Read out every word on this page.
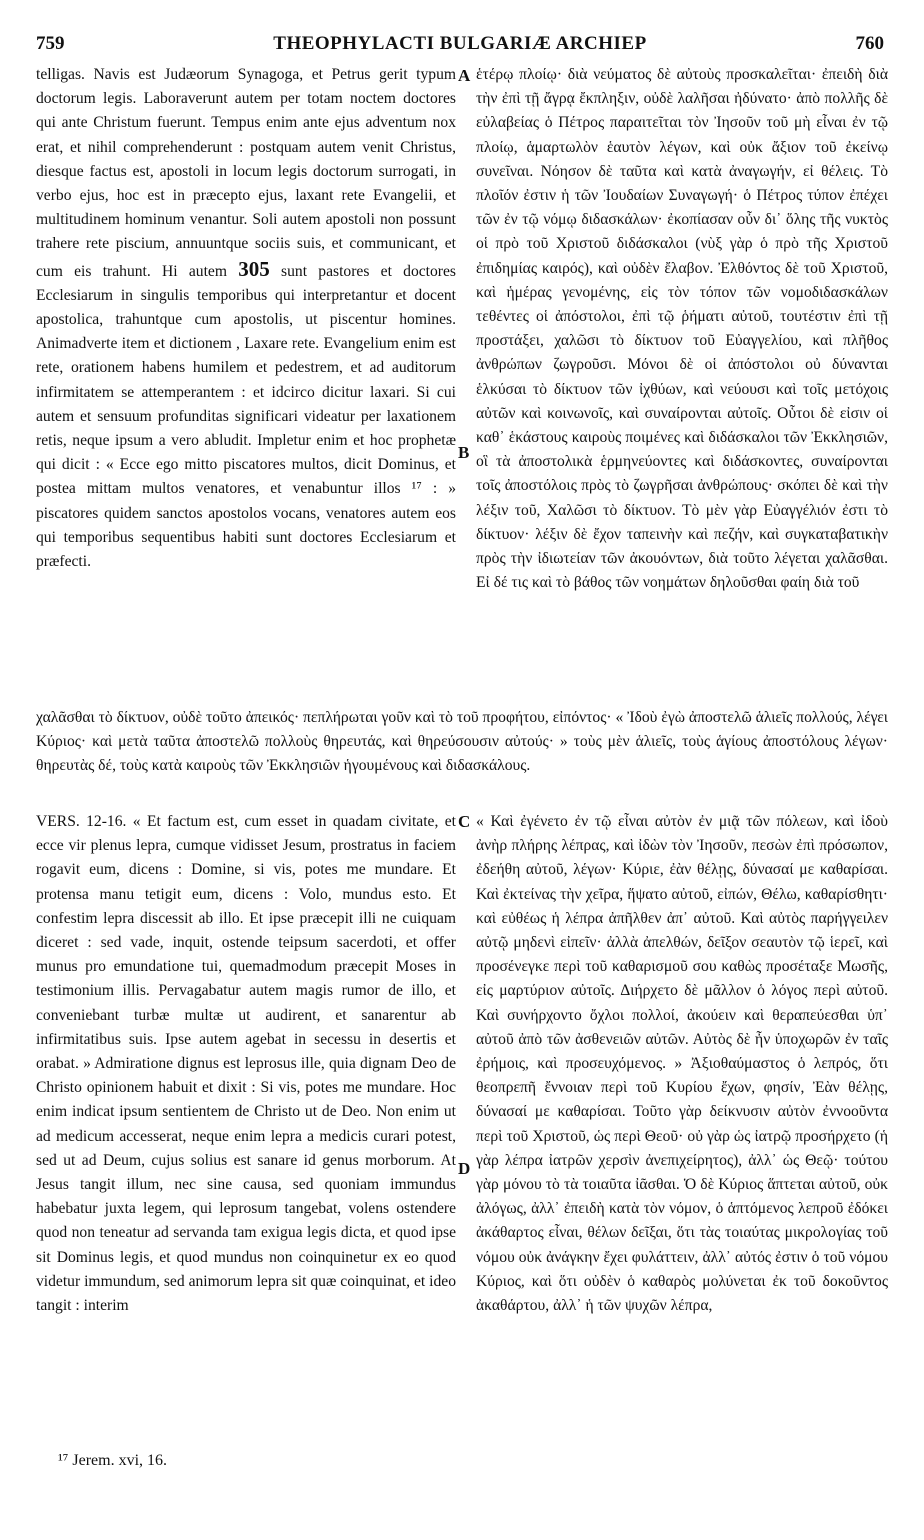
759	THEOPHYLACTI BULGARIÆ ARCHIEP	760

telligas. Navis est Judæorum Synagoga, et Petrus gerit typum doctorum legis. Laboraverunt autem per totam noctem doctores qui ante Christum fuerunt. Tempus enim ante ejus adventum nox erat, et nihil comprehenderunt : postquam autem venit Christus, diesque factus est, apostoli in locum legis doctorum surrogati, in verbo ejus, hoc est in præcepto ejus, laxant rete Evangelii, et multitudinem hominum venantur. Soli autem apostoli non possunt trahere rete piscium, annuuntque sociis suis, et communicant, et cum eis trahunt. Hi autem 305 sunt pastores et doctores Ecclesiarum in singulis temporibus qui interpretantur et docent apostolica, trahuntque cum apostolis, ut piscentur homines. Animadverte item et dictionem , Laxare rete. Evangelium enim est rete, orationem habens humilem et pedestrem, et ad auditorum infirmitatem se attemperantem : et idcirco dicitur laxari. Si cui autem et sensuum profunditas significari videatur per laxationem retis, neque ipsum a vero abludit. Impletur enim et hoc prophetæ qui dicit : « Ecce ego mitto piscatores multos, dicit Dominus, et postea mittam multos venatores, et venabuntur illos ¹⁷ : » piscatores quidem sanctos apostolos vocans, venatores autem eos qui temporibus sequentibus habiti sunt doctores Ecclesiarum et præfecti.

ἑτέρῳ πλοίῳ· διὰ νεύματος δὲ αὐτοὺς προσκαλεῖται· ἐπειδὴ διὰ τὴν ἐπὶ τῇ ἄγρᾳ ἔκπληξιν, οὐδὲ λαλῆσαι ἠδύνατο· ἀπὸ πολλῆς δὲ εὐλαβείας ὁ Πέτρος παραιτεῖται τὸν Ἰησοῦν τοῦ μὴ εἶναι ἐν τῷ πλοίῳ, ἁμαρτωλὸν ἑαυτὸν λέγων, καὶ οὐκ ἄξιον τοῦ ἐκείνῳ συνεῖναι. Νόησον δὲ ταῦτα καὶ κατὰ ἀναγωγήν, εἰ θέλεις. Τὸ πλοῖόν ἐστιν ἡ τῶν Ἰουδαίων Συναγωγή· ὁ Πέτρος τύπον ἐπέχει τῶν ἐν τῷ νόμῳ διδασκάλων· ἐκοπίασαν οὖν δι᾽ ὅλης τῆς νυκτὸς οἱ πρὸ τοῦ Χριστοῦ διδάσκαλοι (νὺξ γὰρ ὁ πρὸ τῆς Χριστοῦ ἐπιδημίας καιρός), καὶ οὐδὲν ἔλαβον. Ἐλθόντος δὲ τοῦ Χριστοῦ, καὶ ἡμέρας γενομένης, εἰς τὸν τόπον τῶν νομοδιδασκάλων τεθέντες οἱ ἀπόστολοι, ἐπὶ τῷ ῥήματι αὐτοῦ, τουτέστιν ἐπὶ τῇ προστάξει, χαλῶσι τὸ δίκτυον τοῦ Εὐαγγελίου, καὶ πλῆθος ἀνθρώπων ζωγροῦσι. Μόνοι δὲ οἱ ἀπόστολοι οὐ δύνανται ἑλκύσαι τὸ δίκτυον τῶν ἰχθύων, καὶ νεύουσι καὶ τοῖς μετόχοις αὐτῶν καὶ κοινωνοῖς, καὶ συναίρονται αὐτοῖς. Οὗτοι δὲ εἰσιν οἱ καθ᾽ ἑκάστους καιροὺς ποιμένες καὶ διδάσκαλοι τῶν Ἐκκλησιῶν, οἳ τὰ ἀποστολικὰ ἑρμηνεύοντες καὶ διδάσκοντες, συναίρονται τοῖς ἀποστόλοις πρὸς τὸ ζωγρῆσαι ἀνθρώπους· σκόπει δὲ καὶ τὴν λέξιν τοῦ, Χαλῶσι τὸ δίκτυον. Τὸ μὲν γὰρ Εὐαγγέλιόν ἐστι τὸ δίκτυον· λέξιν δὲ ἔχον ταπεινὴν καὶ πεζήν, καὶ συγκαταβατικὴν πρὸς τὴν ἰδιωτείαν τῶν ἀκουόντων, διὰ τοῦτο λέγεται χαλᾶσθαι. Εἰ δέ τις καὶ τὸ βάθος τῶν νοημάτων δηλοῦσθαι φαίη διὰ τοῦ

χαλᾶσθαι τὸ δίκτυον, οὐδὲ τοῦτο ἀπεικός· πεπλήρωται γοῦν καὶ τὸ τοῦ προφήτου, εἰπόντος· « Ἰδοὺ ἐγὼ ἀποστελῶ ἁλιεῖς πολλούς, λέγει Κύριος· καὶ μετὰ ταῦτα ἀποστελῶ πολλοὺς θηρευτάς, καὶ θηρεύσουσιν αὐτούς· » τοὺς μὲν ἁλιεῖς, τοὺς ἁγίους ἀποστόλους λέγων· θηρευτὰς δέ, τοὺς κατὰ καιροὺς τῶν Ἐκκλησιῶν ἡγουμένους καὶ διδασκάλους.

VERS. 12-16. « Et factum est, cum esset in quadam civitate, et ecce vir plenus lepra, cumque vidisset Jesum, prostratus in faciem rogavit eum, dicens : Domine, si vis, potes me mundare. Et protensa manu tetigit eum, dicens : Volo, mundus esto. Et confestim lepra discessit ab illo. Et ipse præcepit illi ne cuiquam diceret : sed vade, inquit, ostende teipsum sacerdoti, et offer munus pro emundatione tui, quemadmodum præcepit Moses in testimonium illis. Pervagabatur autem magis rumor de illo, et conveniebant turbæ multæ ut audirent, et sanarentur ab infirmitatibus suis. Ipse autem agebat in secessu in desertis et orabat. » Admiratione dignus est leprosus ille, quia dignam Deo de Christo opinionem habuit et dixit : Si vis, potes me mundare. Hoc enim indicat ipsum sentientem de Christo ut de Deo. Non enim ut ad medicum accesserat, neque enim lepra a medicis curari potest, sed ut ad Deum, cujus solius est sanare id genus morborum. At Jesus tangit illum, nec sine causa, sed quoniam immundus habebatur juxta legem, qui leprosum tangebat, volens ostendere quod non teneatur ad servanda tam exigua legis dicta, et quod ipse sit Dominus legis, et quod mundus non coinquinetur ex eo quod videtur immundum, sed animorum lepra sit quæ coinquinat, et ideo tangit : interim

« Καὶ ἐγένετο ἐν τῷ εἶναι αὐτὸν ἐν μιᾷ τῶν πόλεων, καὶ ἰδοὺ ἀνὴρ πλήρης λέπρας, καὶ ἰδὼν τὸν Ἰησοῦν, πεσὼν ἐπὶ πρόσωπον, ἐδεήθη αὐτοῦ, λέγων· Κύριε, ἐὰν θέλῃς, δύνασαί με καθαρίσαι. Καὶ ἐκτείνας τὴν χεῖρα, ἥψατο αὐτοῦ, εἰπών, Θέλω, καθαρίσθητι· καὶ εὐθέως ἡ λέπρα ἀπῆλθεν ἀπ᾽ αὐτοῦ. Καὶ αὐτὸς παρήγγειλεν αὐτῷ μηδενὶ εἰπεῖν· ἀλλὰ ἀπελθών, δεῖξον σεαυτὸν τῷ ἱερεῖ, καὶ προσένεγκε περὶ τοῦ καθαρισμοῦ σου καθὼς προσέταξε Μωσῆς, εἰς μαρτύριον αὐτοῖς. Διήρχετο δὲ μᾶλλον ὁ λόγος περὶ αὐτοῦ. Καὶ συνήρχοντο ὄχλοι πολλοί, ἀκούειν καὶ θεραπεύεσθαι ὑπ᾽ αὐτοῦ ἀπὸ τῶν ἀσθενειῶν αὐτῶν. Αὐτὸς δὲ ἦν ὑποχωρῶν ἐν ταῖς ἐρήμοις, καὶ προσευχόμενος. » Ἀξιοθαύμαστος ὁ λεπρός, ὅτι θεοπρεπῆ ἔννοιαν περὶ τοῦ Κυρίου ἔχων, φησίν, Ἐὰν θέλῃς, δύνασαί με καθαρίσαι. Τοῦτο γὰρ δείκνυσιν αὐτὸν ἐννοοῦντα περὶ τοῦ Χριστοῦ, ὡς περὶ Θεοῦ· οὐ γὰρ ὡς ἰατρῷ προσήρχετο (ἡ γὰρ λέπρα ἰατρῶν χερσὶν ἀνεπιχείρητος), ἀλλ᾽ ὡς Θεῷ· τούτου γὰρ μόνου τὸ τὰ τοιαῦτα ἰᾶσθαι. Ὁ δὲ Κύριος ἅπτεται αὐτοῦ, οὐκ ἀλόγως, ἀλλ᾽ ἐπειδὴ κατὰ τὸν νόμον, ὁ ἁπτόμενος λεπροῦ ἐδόκει ἀκάθαρτος εἶναι, θέλων δεῖξαι, ὅτι τὰς τοιαύτας μικρολογίας τοῦ νόμου οὐκ ἀνάγκην ἔχει φυλάττειν, ἀλλ᾽ αὐτός ἐστιν ὁ τοῦ νόμου Κύριος, καὶ ὅτι οὐδὲν ὁ καθαρὸς μολύνεται ἐκ τοῦ δοκοῦντος ἀκαθάρτου, ἀλλ᾽ ἡ τῶν ψυχῶν λέπρα,

A
B
C
D
¹⁷ Jerem. xvi, 16.
